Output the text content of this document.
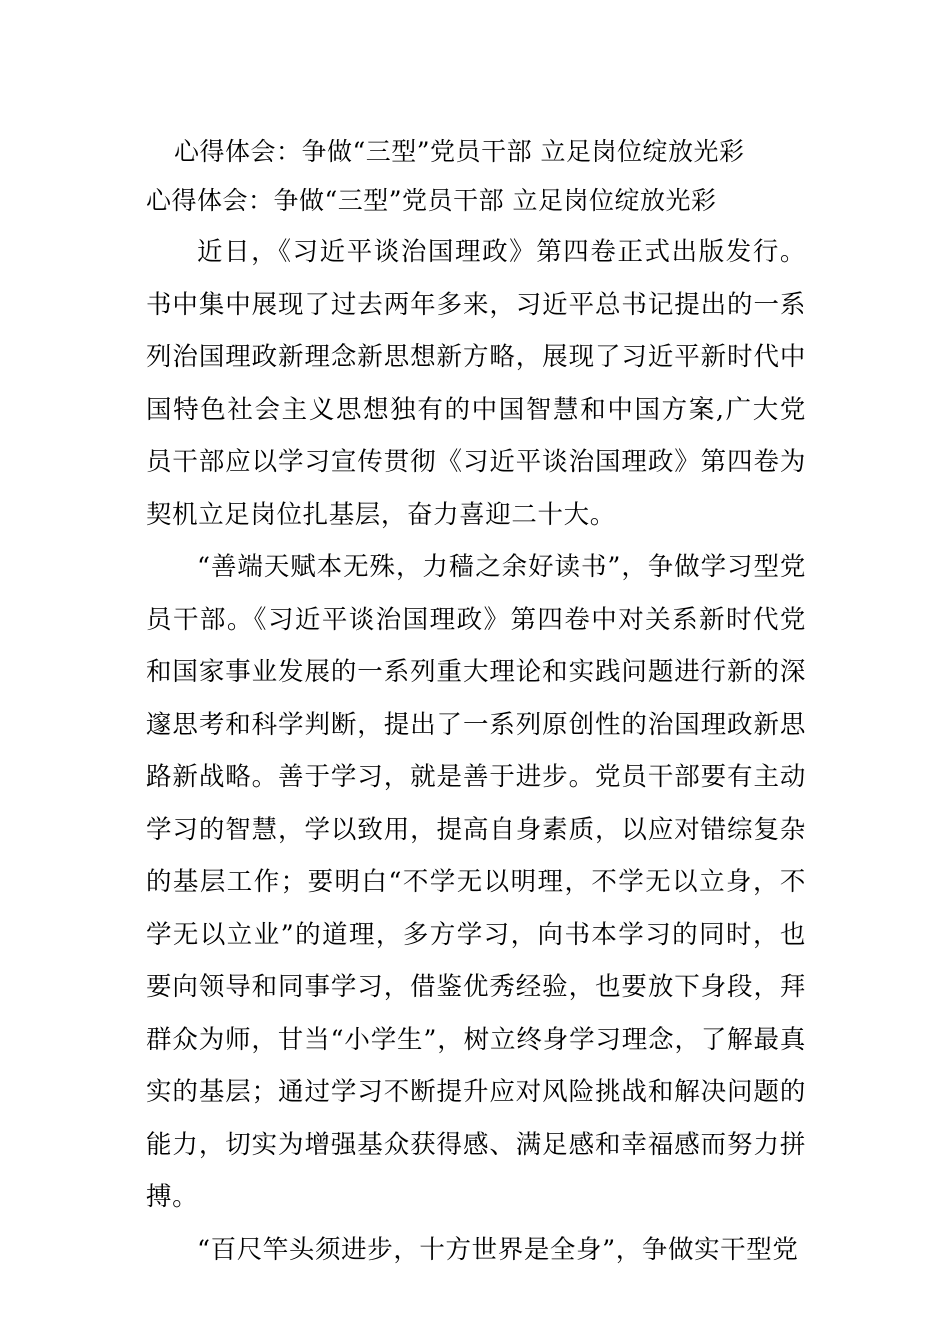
心得体会：争做“三型”党员干部 立足岗位绽放光彩
心得体会：争做“三型”党员干部 立足岗位绽放光彩

近日，《习近平谈治国理政》第四卷正式出版发行。书中集中展现了过去两年多来，习近平总书记提出的一系列治国理政新理念新思想新方略，展现了习近平新时代中国特色社会主义思想独有的中国智慧和中国方案,广大党员干部应以学习宣传贯彻《习近平谈治国理政》第四卷为契机立足岗位扎基层，奋力喜迎二十大。

“善端天赋本无殊，力穑之余好读书”，争做学习型党员干部。《习近平谈治国理政》第四卷中对关系新时代党和国家事业发展的一系列重大理论和实践问题进行新的深邃思考和科学判断，提出了一系列原创性的治国理政新思路新战略。善于学习，就是善于进步。党员干部要有主动学习的智慧，学以致用，提高自身素质，以应对错综复杂的基层工作；要明白“不学无以明理，不学无以立身，不学无以立业”的道理，多方学习，向书本学习的同时，也要向领导和同事学习，借鉴优秀经验，也要放下身段，拜群众为师，甘当“小学生”，树立终身学习理念，了解最真实的基层；通过学习不断提升应对风险挑战和解决问题的能力，切实为增强基众获得感、满足感和幸福感而努力拼搏。

“百尺竿头须进步，十方世界是全身”，争做实干型党
